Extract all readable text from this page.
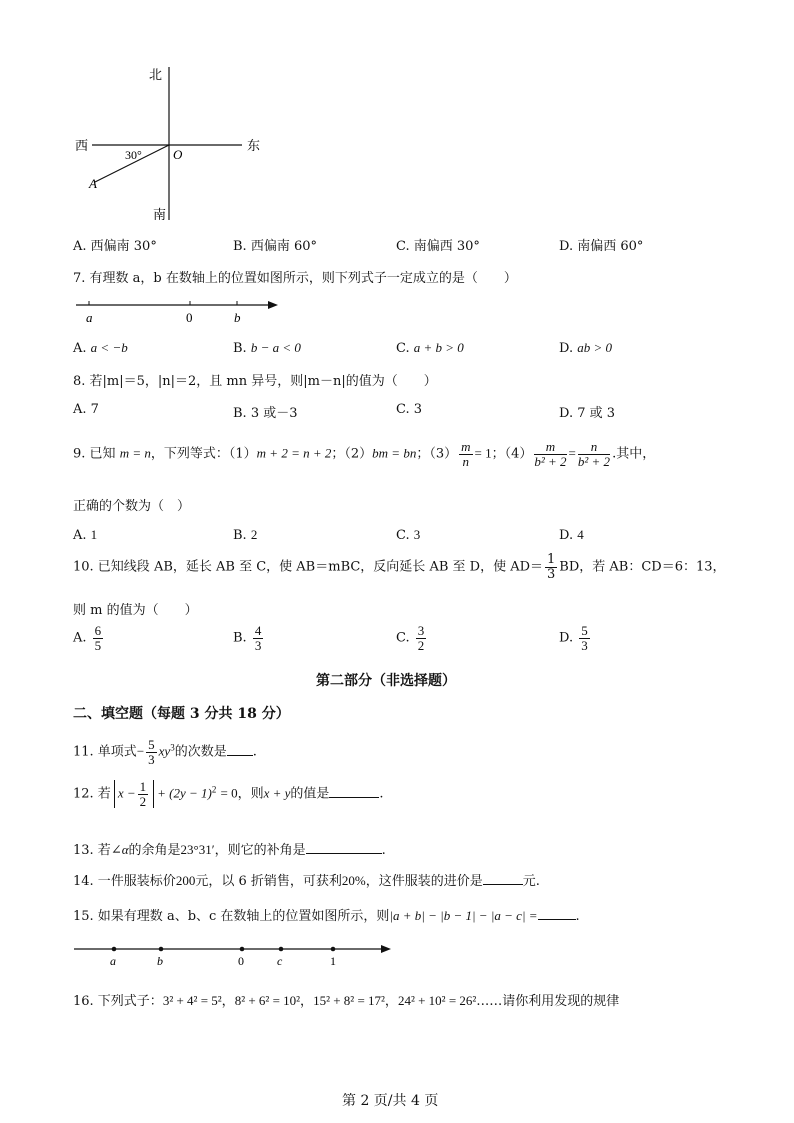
北
西	东
南
O
A
30°
A. 西偏南 30°	B. 西偏南 60°	C. 南偏西 30°	D. 南偏西 60°
7. 有理数 a，b 在数轴上的位置如图所示，则下列式子一定成立的是（　　）
a	0	b
A. a < −b	B. b − a < 0	C. a + b > 0	D. ab > 0
8. 若|m|＝5，|n|＝2，且 mn 异号，则|m－n|的值为（　　）
A. 7	B. 3 或－3	C. 3	D. 7 或 3
9. 已知 m = n，下列等式：（1）m + 2 = n + 2；（2）bm = bn；$(3) \frac{m}{n} = 1$；$(4) \frac{m}{\text{b² + 2}} = \frac{n}{\text{b² + 2}}$ .其中，
正确的个数为（　）
A. 1	B. 2	C. 3	D. 4
10. 已知线段 AB，延长 AB 至 C，使 AB＝mBC，反向延长 AB 至 D，使 $AD= \frac{1}{3}$ BD，若 AB：CD＝6：13，
则 m 的值为（　　）
A. $\frac{6}{5}$	B. $\frac{4}{3}$	C. $\frac{3}{2}$	D. $\frac{5}{3}$
第二部分（非选择题）
二、填空题（每题 3 分共 18 分）
11. 单项式− $\frac{5}{3} xy^3$的次数是 .
12. 若 $x - \frac{1}{2} + (2y - 1)^2 = 0$，则x + y的值是	.
13. 若∠α的余角是23°31′，则它的补角是	.
14. 一件服装标价200元，以 6 折销售，可获利20%，这件服装的进价是	元.
15. 如果有理数 a、b、c 在数轴上的位置如图所示，则|a + b| − |b − 1| − |a − c| =	.
a	b	0	c	1
16. 下列式子：3² + 4² = 5²，8² + 6² = 10²，15² + 8² = 17²，24² + 10² = 26²……请你利用发现的规律
第 2 页/共 4 页
